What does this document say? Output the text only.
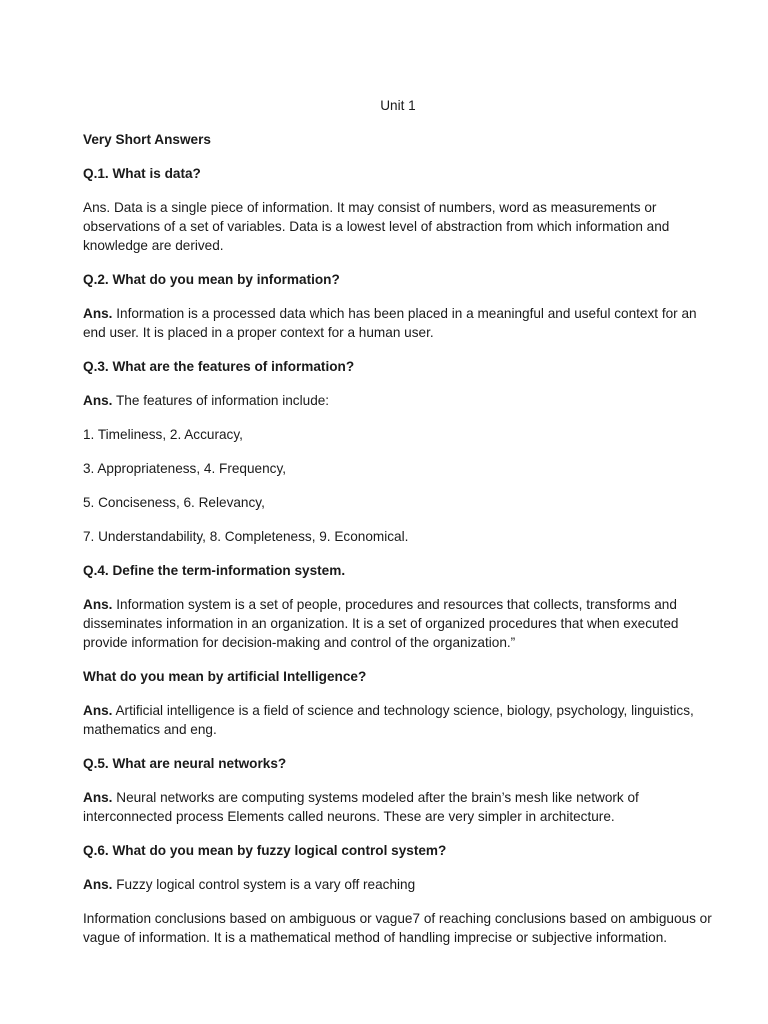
Unit 1
Very Short Answers
Q.1. What is data?
Ans. Data is a single piece of information. It may consist of numbers, word as measurements or observations of a set of variables. Data is a lowest level of abstraction from which information and knowledge are derived.
Q.2. What do you mean by information?
Ans. Information is a processed data which has been placed in a meaningful and useful context for an end user. It is placed in a proper context for a human user.
Q.3. What are the features of information?
Ans. The features of information include:
1. Timeliness, 2. Accuracy,
3. Appropriateness, 4. Frequency,
5. Conciseness, 6. Relevancy,
7. Understandability, 8. Completeness, 9. Economical.
Q.4. Define the term-information system.
Ans. Information system is a set of people, procedures and resources that collects, transforms and disseminates information in an organization. It is a set of organized procedures that when executed provide information for decision-making and control of the organization.”
What do you mean by artificial Intelligence?
Ans. Artificial intelligence is a field of science and technology science, biology, psychology, linguistics, mathematics and eng.
Q.5. What are neural networks?
Ans. Neural networks are computing systems modeled after the brain’s mesh like network of interconnected process Elements called neurons. These are very simpler in architecture.
Q.6. What do you mean by fuzzy logical control system?
Ans. Fuzzy logical control system is a vary off reaching
Information conclusions based on ambiguous or vague7 of reaching conclusions based on ambiguous or vague of information. It is a mathematical method of handling imprecise or subjective information.
